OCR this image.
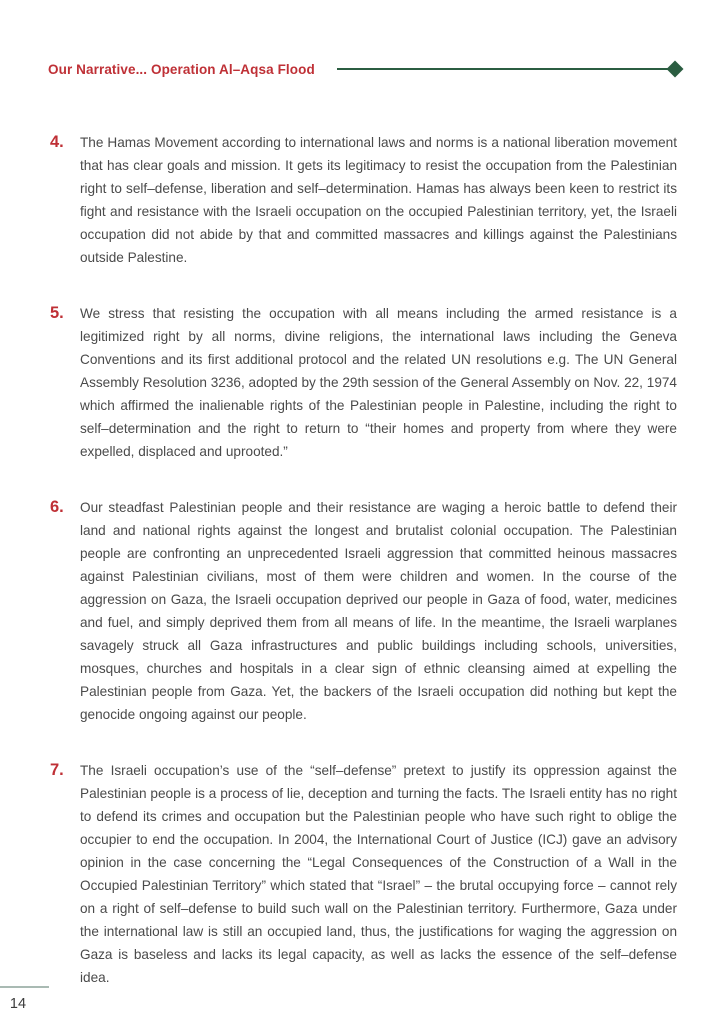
Our Narrative... Operation Al–Aqsa Flood
4.	The Hamas Movement according to international laws and norms is a national liberation movement that has clear goals and mission. It gets its legitimacy to resist the occupation from the Palestinian right to self–defense, liberation and self–determination. Hamas has always been keen to restrict its fight and resistance with the Israeli occupation on the occupied Palestinian territory, yet, the Israeli occupation did not abide by that and committed massacres and killings against the Palestinians outside Palestine.
5.	We stress that resisting the occupation with all means including the armed resistance is a legitimized right by all norms, divine religions, the international laws including the Geneva Conventions and its first additional protocol and the related UN resolutions e.g. The UN General Assembly Resolution 3236, adopted by the 29th session of the General Assembly on Nov. 22, 1974 which affirmed the inalienable rights of the Palestinian people in Palestine, including the right to self–determination and the right to return to “their homes and property from where they were expelled, displaced and uprooted.”
6.	Our steadfast Palestinian people and their resistance are waging a heroic battle to defend their land and national rights against the longest and brutalist colonial occupation. The Palestinian people are confronting an unprecedented Israeli aggression that committed heinous massacres against Palestinian civilians, most of them were children and women. In the course of the aggression on Gaza, the Israeli occupation deprived our people in Gaza of food, water, medicines and fuel, and simply deprived them from all means of life. In the meantime, the Israeli warplanes savagely struck all Gaza infrastructures and public buildings including schools, universities, mosques, churches and hospitals in a clear sign of ethnic cleansing aimed at expelling the Palestinian people from Gaza. Yet, the backers of the Israeli occupation did nothing but kept the genocide ongoing against our people.
7.	The Israeli occupation’s use of the “self–defense” pretext to justify its oppression against the Palestinian people is a process of lie, deception and turning the facts. The Israeli entity has no right to defend its crimes and occupation but the Palestinian people who have such right to oblige the occupier to end the occupation. In 2004, the International Court of Justice (ICJ) gave an advisory opinion in the case concerning the “Legal Consequences of the Construction of a Wall in the Occupied Palestinian Territory” which stated that “Israel” – the brutal occupying force – cannot rely on a right of self–defense to build such wall on the Palestinian territory. Furthermore, Gaza under the international law is still an occupied land, thus, the justifications for waging the aggression on Gaza is baseless and lacks its legal capacity, as well as lacks the essence of the self–defense idea.
14
